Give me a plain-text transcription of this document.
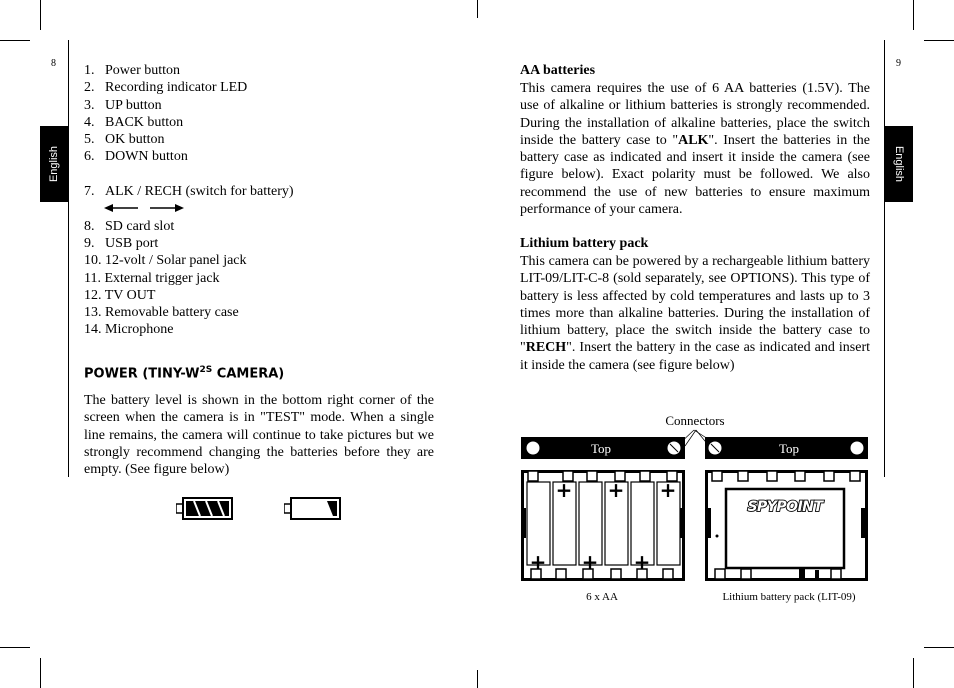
8
English
1. Power button
2. Recording indicator LED
3. UP button
4. BACK button
5. OK button
6. DOWN button
7. ALK / RECH (switch for battery)
8.   SD card slot
9.   USB port
10. 12-volt / Solar panel jack
11. External trigger jack
12. TV OUT
13. Removable battery case
14. Microphone
POWER ($TINY-W^{2S}$ CAMERA)
The battery level is shown in the bottom right corner of the screen when the camera is in "TEST" mode. When a single line remains, the camera will continue to take pictures but we strongly recommend changing the batteries before they are empty. (See figure below)
9
English
AA batteries
This camera requires the use of 6 AA batteries (1.5V). The use of alkaline or lithium batteries is strongly recommended. During the installation of alkaline batteries, place the switch inside the battery case to "ALK". Insert the batteries in the battery case as indicated and insert it inside the camera (see figure below). Exact polarity must be followed. We also recommend the use of new batteries to ensure maximum performance of your camera.
Lithium battery pack
This camera can be powered by a rechargeable lithium battery LIT-09/LIT-C-8 (sold separately, see OPTIONS). This type of battery is less affected by cold temperatures and lasts up to 3 times more than alkaline batteries. During the installation of lithium battery, place the switch inside the battery case to "RECH". Insert the battery in the case as indicated and insert it inside the camera (see figure below)
Connectors
Top	Top
+ + +
+ + +
SPYPOINT
6 x AA	Lithium battery pack (LIT-09)
